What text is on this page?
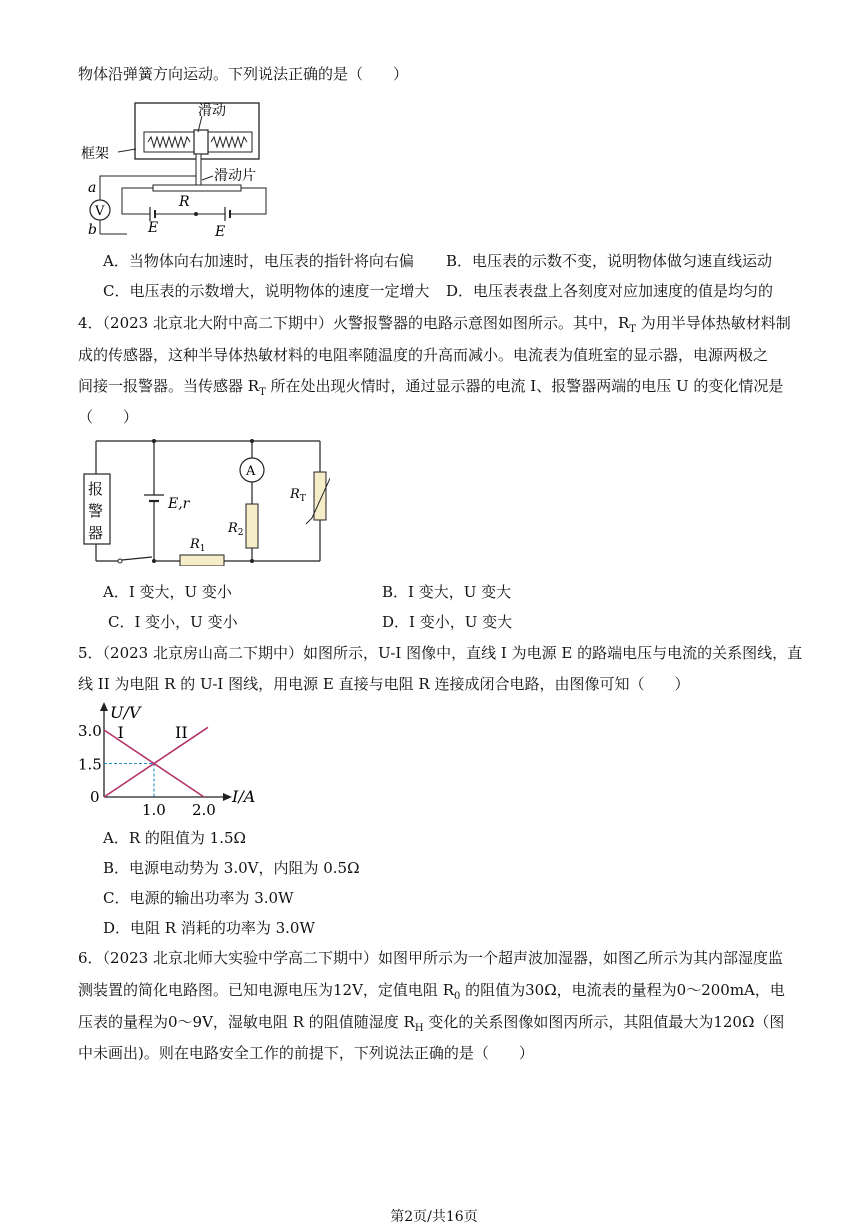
物体沿弹簧方向运动。下列说法正确的是（　　）
滑动
框架
滑动片
V
a
b
R
E	E
A．当物体向右加速时，电压表的指针将向右偏 B．电压表的示数不变，说明物体做匀速直线运动
C．电压表的示数增大，说明物体的速度一定增大 D．电压表表盘上各刻度对应加速度的值是均匀的
4．（2023 北京北大附中高二下期中）火警报警器的电路示意图如图所示。其中，$R_T$ 为用半导体热敏材料制
成的传感器，这种半导体热敏材料的电阻率随温度的升高而减小。电流表为值班室的显示器，电源两极之
间接一报警器。当传感器 $R_T$ 所在处出现火情时，通过显示器的电流 I、报警器两端的电压 U 的变化情况是
（　　）
报
警
器
$R_1$
E,r
A
$R_2$
$R_T$
A．I 变大，U 变小	B．I 变大，U 变大
C．I 变小，U 变小	D．I 变小，U 变大
5．（2023 北京房山高二下期中）如图所示，U-I 图像中，直线 I 为电源 E 的路端电压与电流的关系图线，直
线 II 为电阻 R 的 U-I 图线，用电源 E 直接与电阻 R 连接成闭合电路，由图像可知（　　）
U/V
I/A
0
I	II
3.0
1.5
1.0 2.0
A．R 的阻值为 1.5Ω
B．电源电动势为 3.0V，内阻为 0.5Ω
C．电源的输出功率为 3.0W
D．电阻 R 消耗的功率为 3.0W
6．（2023 北京北师大实验中学高二下期中）如图甲所示为一个超声波加湿器，如图乙所示为其内部湿度监
测装置的简化电路图。已知电源电压为12V，定值电阻 $R_0$ 的阻值为30Ω，电流表的量程为0～200mA，电
压表的量程为0～9V，湿敏电阻 R 的阻值随湿度 $R_H$ 变化的关系图像如图丙所示，其阻值最大为120Ω（图
中未画出)。则在电路安全工作的前提下，下列说法正确的是（　　）
第2页/共16页
